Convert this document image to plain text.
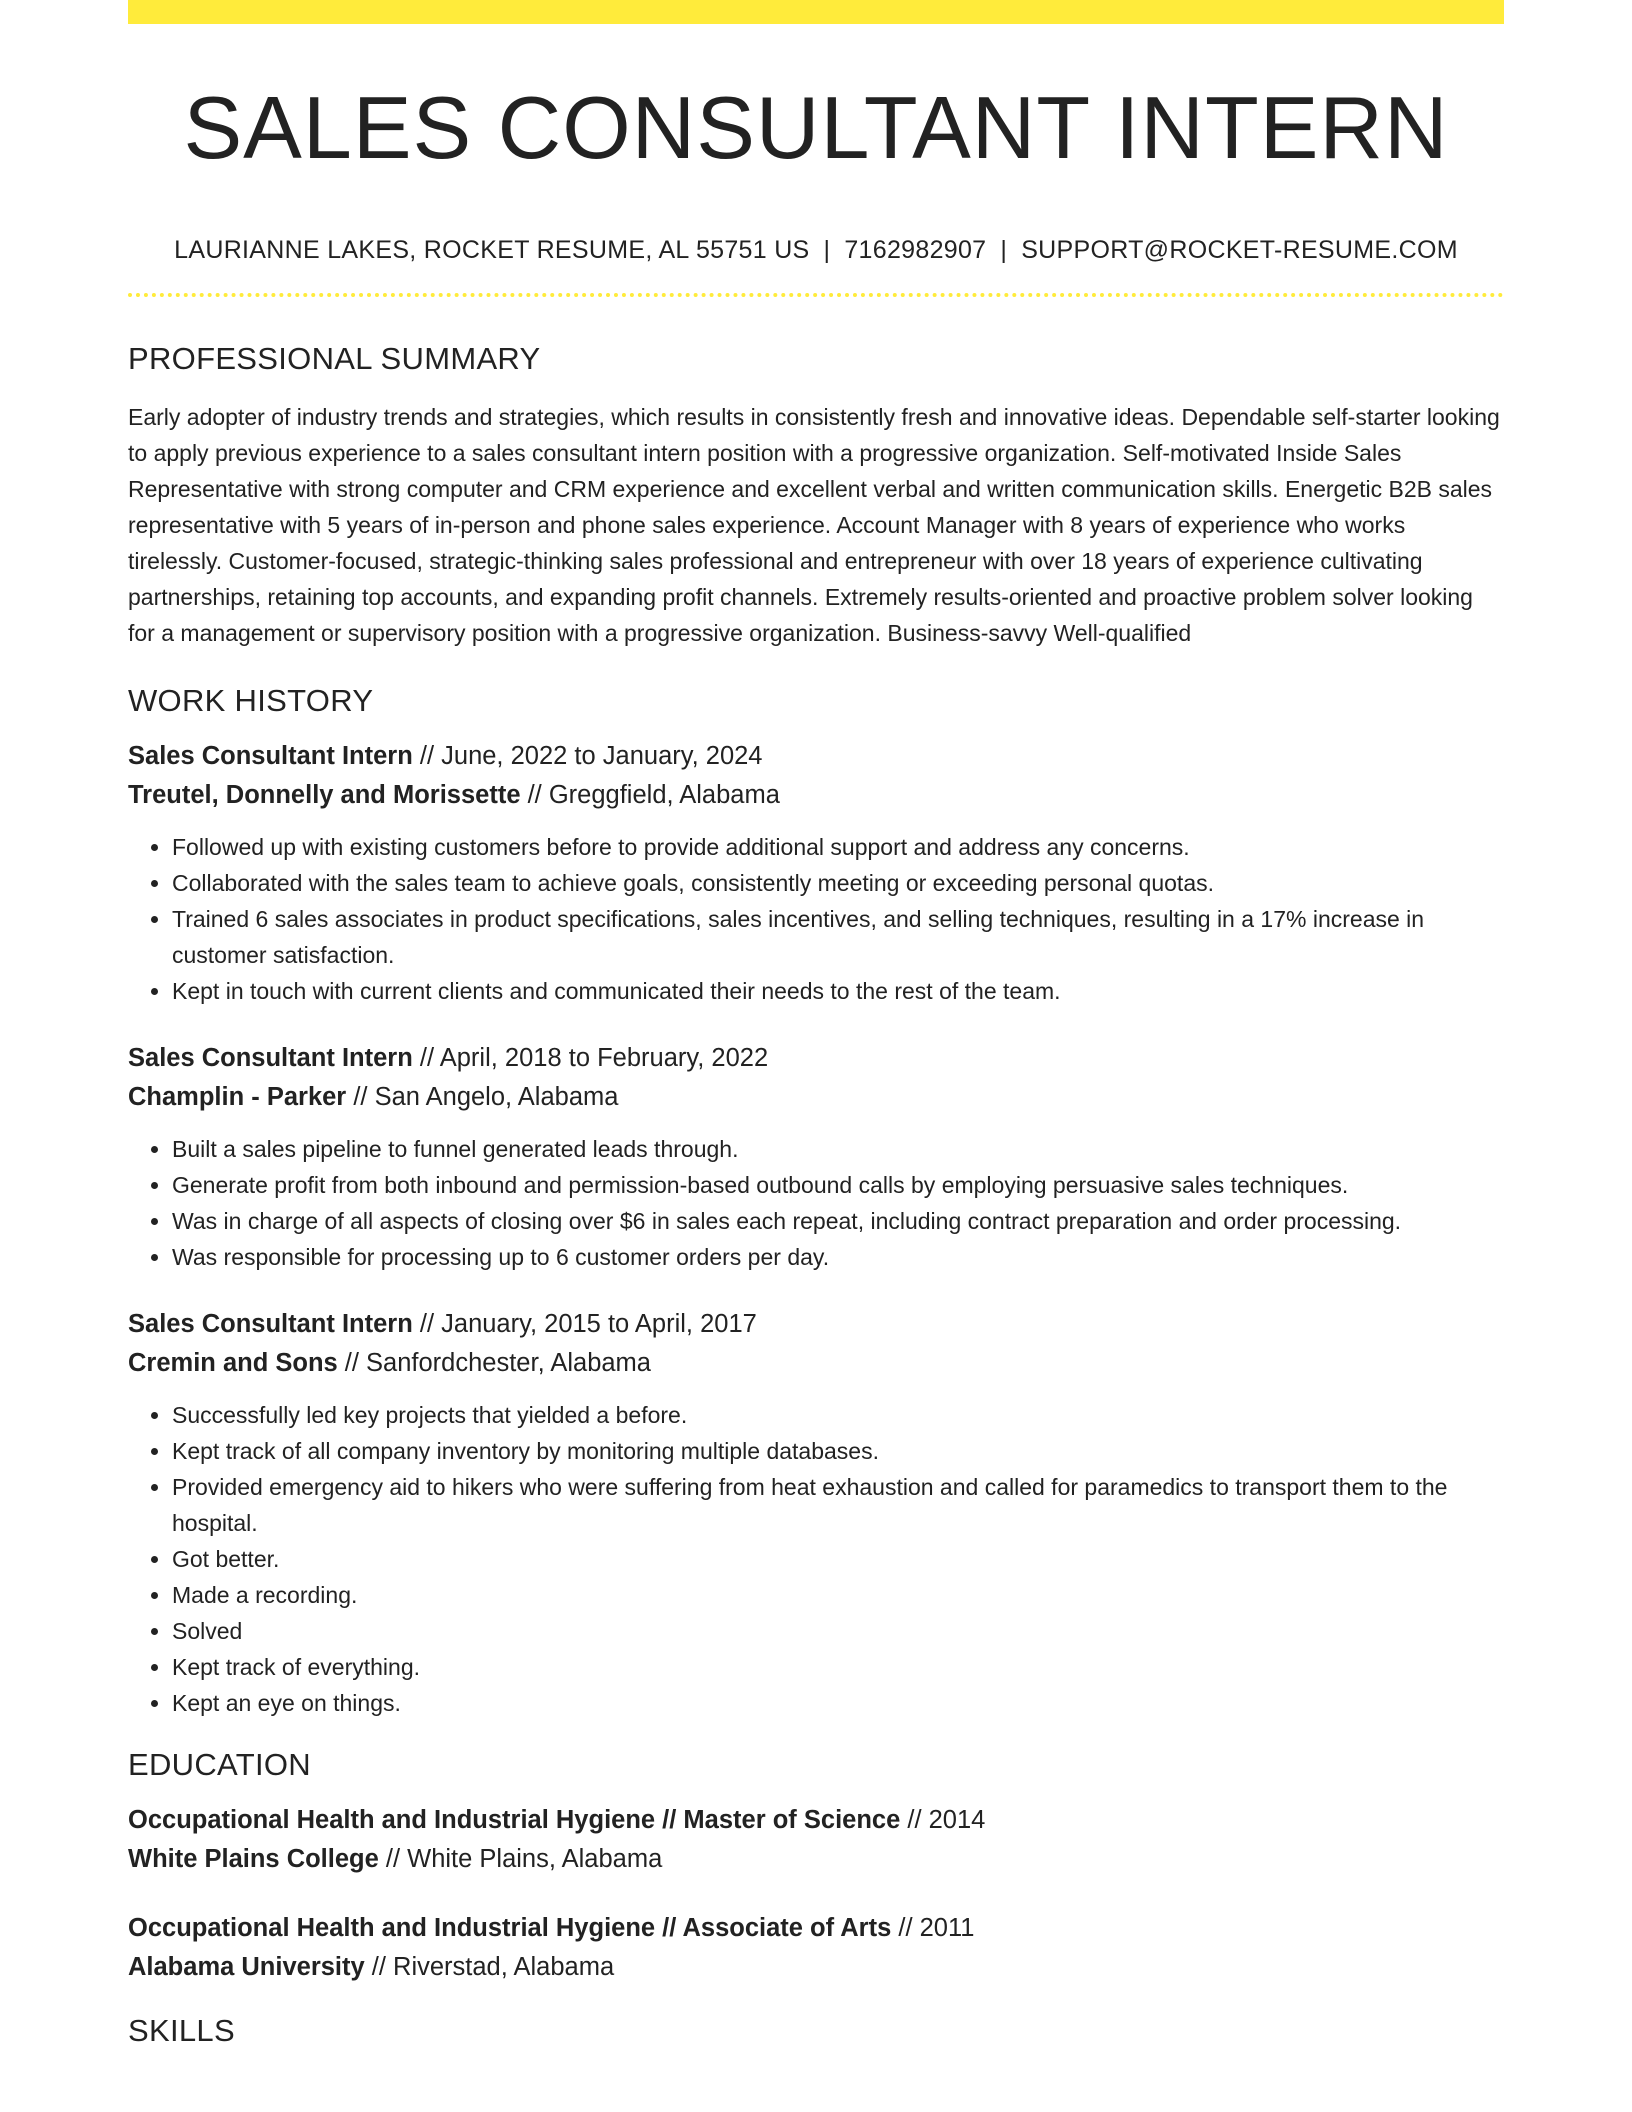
SALES CONSULTANT INTERN
LAURIANNE LAKES, ROCKET RESUME, AL 55751 US | 7162982907 | SUPPORT@ROCKET-RESUME.COM
PROFESSIONAL SUMMARY

Early adopter of industry trends and strategies, which results in consistently fresh and innovative ideas. Dependable self-starter looking to apply previous experience to a sales consultant intern position with a progressive organization. Self-motivated Inside Sales Representative with strong computer and CRM experience and excellent verbal and written communication skills. Energetic B2B sales representative with 5 years of in-person and phone sales experience. Account Manager with 8 years of experience who works tirelessly. Customer-focused, strategic-thinking sales professional and entrepreneur with over 18 years of experience cultivating partnerships, retaining top accounts, and expanding profit channels. Extremely results-oriented and proactive problem solver looking for a management or supervisory position with a progressive organization. Business-savvy Well-qualified

WORK HISTORY
Sales Consultant Intern // June, 2022 to January, 2024
Treutel, Donnelly and Morissette // Greggfield, Alabama
• Followed up with existing customers before to provide additional support and address any concerns.
• Collaborated with the sales team to achieve goals, consistently meeting or exceeding personal quotas.
• Trained 6 sales associates in product specifications, sales incentives, and selling techniques, resulting in a 17% increase in customer satisfaction.
• Kept in touch with current clients and communicated their needs to the rest of the team.
Sales Consultant Intern // April, 2018 to February, 2022
Champlin - Parker // San Angelo, Alabama
• Built a sales pipeline to funnel generated leads through.
• Generate profit from both inbound and permission-based outbound calls by employing persuasive sales techniques.
• Was in charge of all aspects of closing over $6 in sales each repeat, including contract preparation and order processing.
• Was responsible for processing up to 6 customer orders per day.
Sales Consultant Intern // January, 2015 to April, 2017
Cremin and Sons // Sanfordchester, Alabama
• Successfully led key projects that yielded a before.
• Kept track of all company inventory by monitoring multiple databases.
• Provided emergency aid to hikers who were suffering from heat exhaustion and called for paramedics to transport them to the hospital.
• Got better.
• Made a recording.
• Solved
• Kept track of everything.
• Kept an eye on things.
EDUCATION
Occupational Health and Industrial Hygiene // Master of Science // 2014
White Plains College // White Plains, Alabama
Occupational Health and Industrial Hygiene // Associate of Arts // 2011
Alabama University // Riverstad, Alabama
SKILLS
